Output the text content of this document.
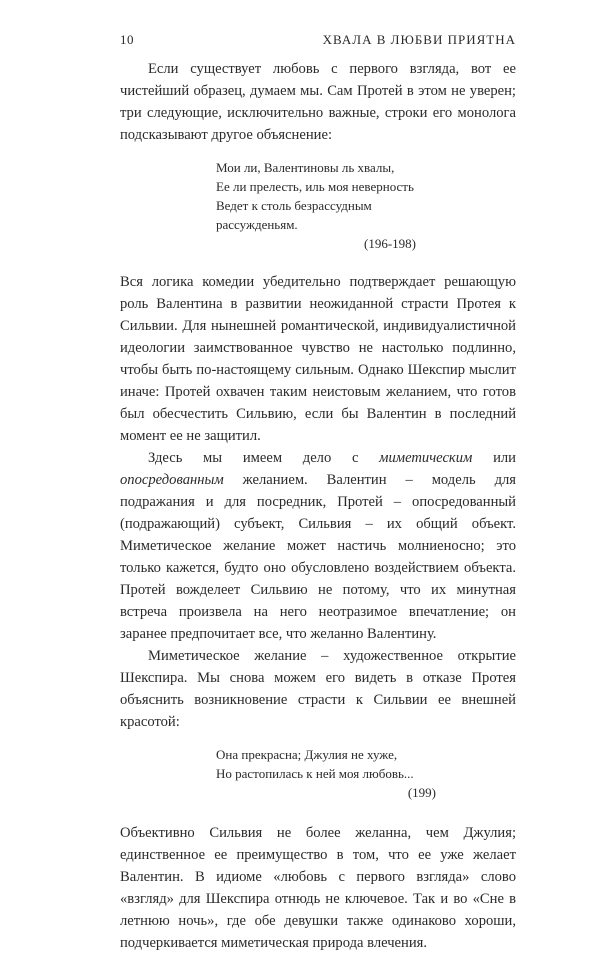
10	ХВАЛА В ЛЮБВИ ПРИЯТНА

Если существует любовь с первого взгляда, вот ее чистейший образец, думаем мы. Сам Протей в этом не уверен; три следующие, исключительно важные, строки его монолога подсказывают другое объяснение:

Мои ли, Валентиновы ль хвалы,
Ее ли прелесть, иль моя неверность
Ведет к столь безрассудным рассужденьям.
(196-198)

Вся логика комедии убедительно подтверждает решающую роль Валентина в развитии неожиданной страсти Протея к Сильвии. Для нынешней романтической, индивидуалистичной идеологии заимствованное чувство не настолько подлинно, чтобы быть по-настоящему сильным. Однако Шекспир мыслит иначе: Протей охвачен таким неистовым желанием, что готов был обесчестить Сильвию, если бы Валентин в последний момент ее не защитил.

Здесь мы имеем дело с миметическим или опосредованным желанием. Валентин – модель для подражания и для посредник, Протей – опосредованный (подражающий) субъект, Сильвия – их общий объект. Миметическое желание может настичь молниеносно; это только кажется, будто оно обусловлено воздействием объекта. Протей вожделеет Сильвию не потому, что их минутная встреча произвела на него неотразимое впечатление; он заранее предпочитает все, что желанно Валентину.

Миметическое желание – художественное открытие Шекспира. Мы снова можем его видеть в отказе Протея объяснить возникновение страсти к Сильвии ее внешней красотой:

Она прекрасна; Джулия не хуже,
Но растопилась к ней моя любовь...
(199)

Объективно Сильвия не более желанна, чем Джулия; единственное ее преимущество в том, что ее уже желает Валентин. В идиоме «любовь с первого взгляда» слово «взгляд» для Шекспира отнюдь не ключевое. Так и во «Сне в летнюю ночь», где обе девушки также одинаково хороши, подчеркивается миметическая природа влечения.
